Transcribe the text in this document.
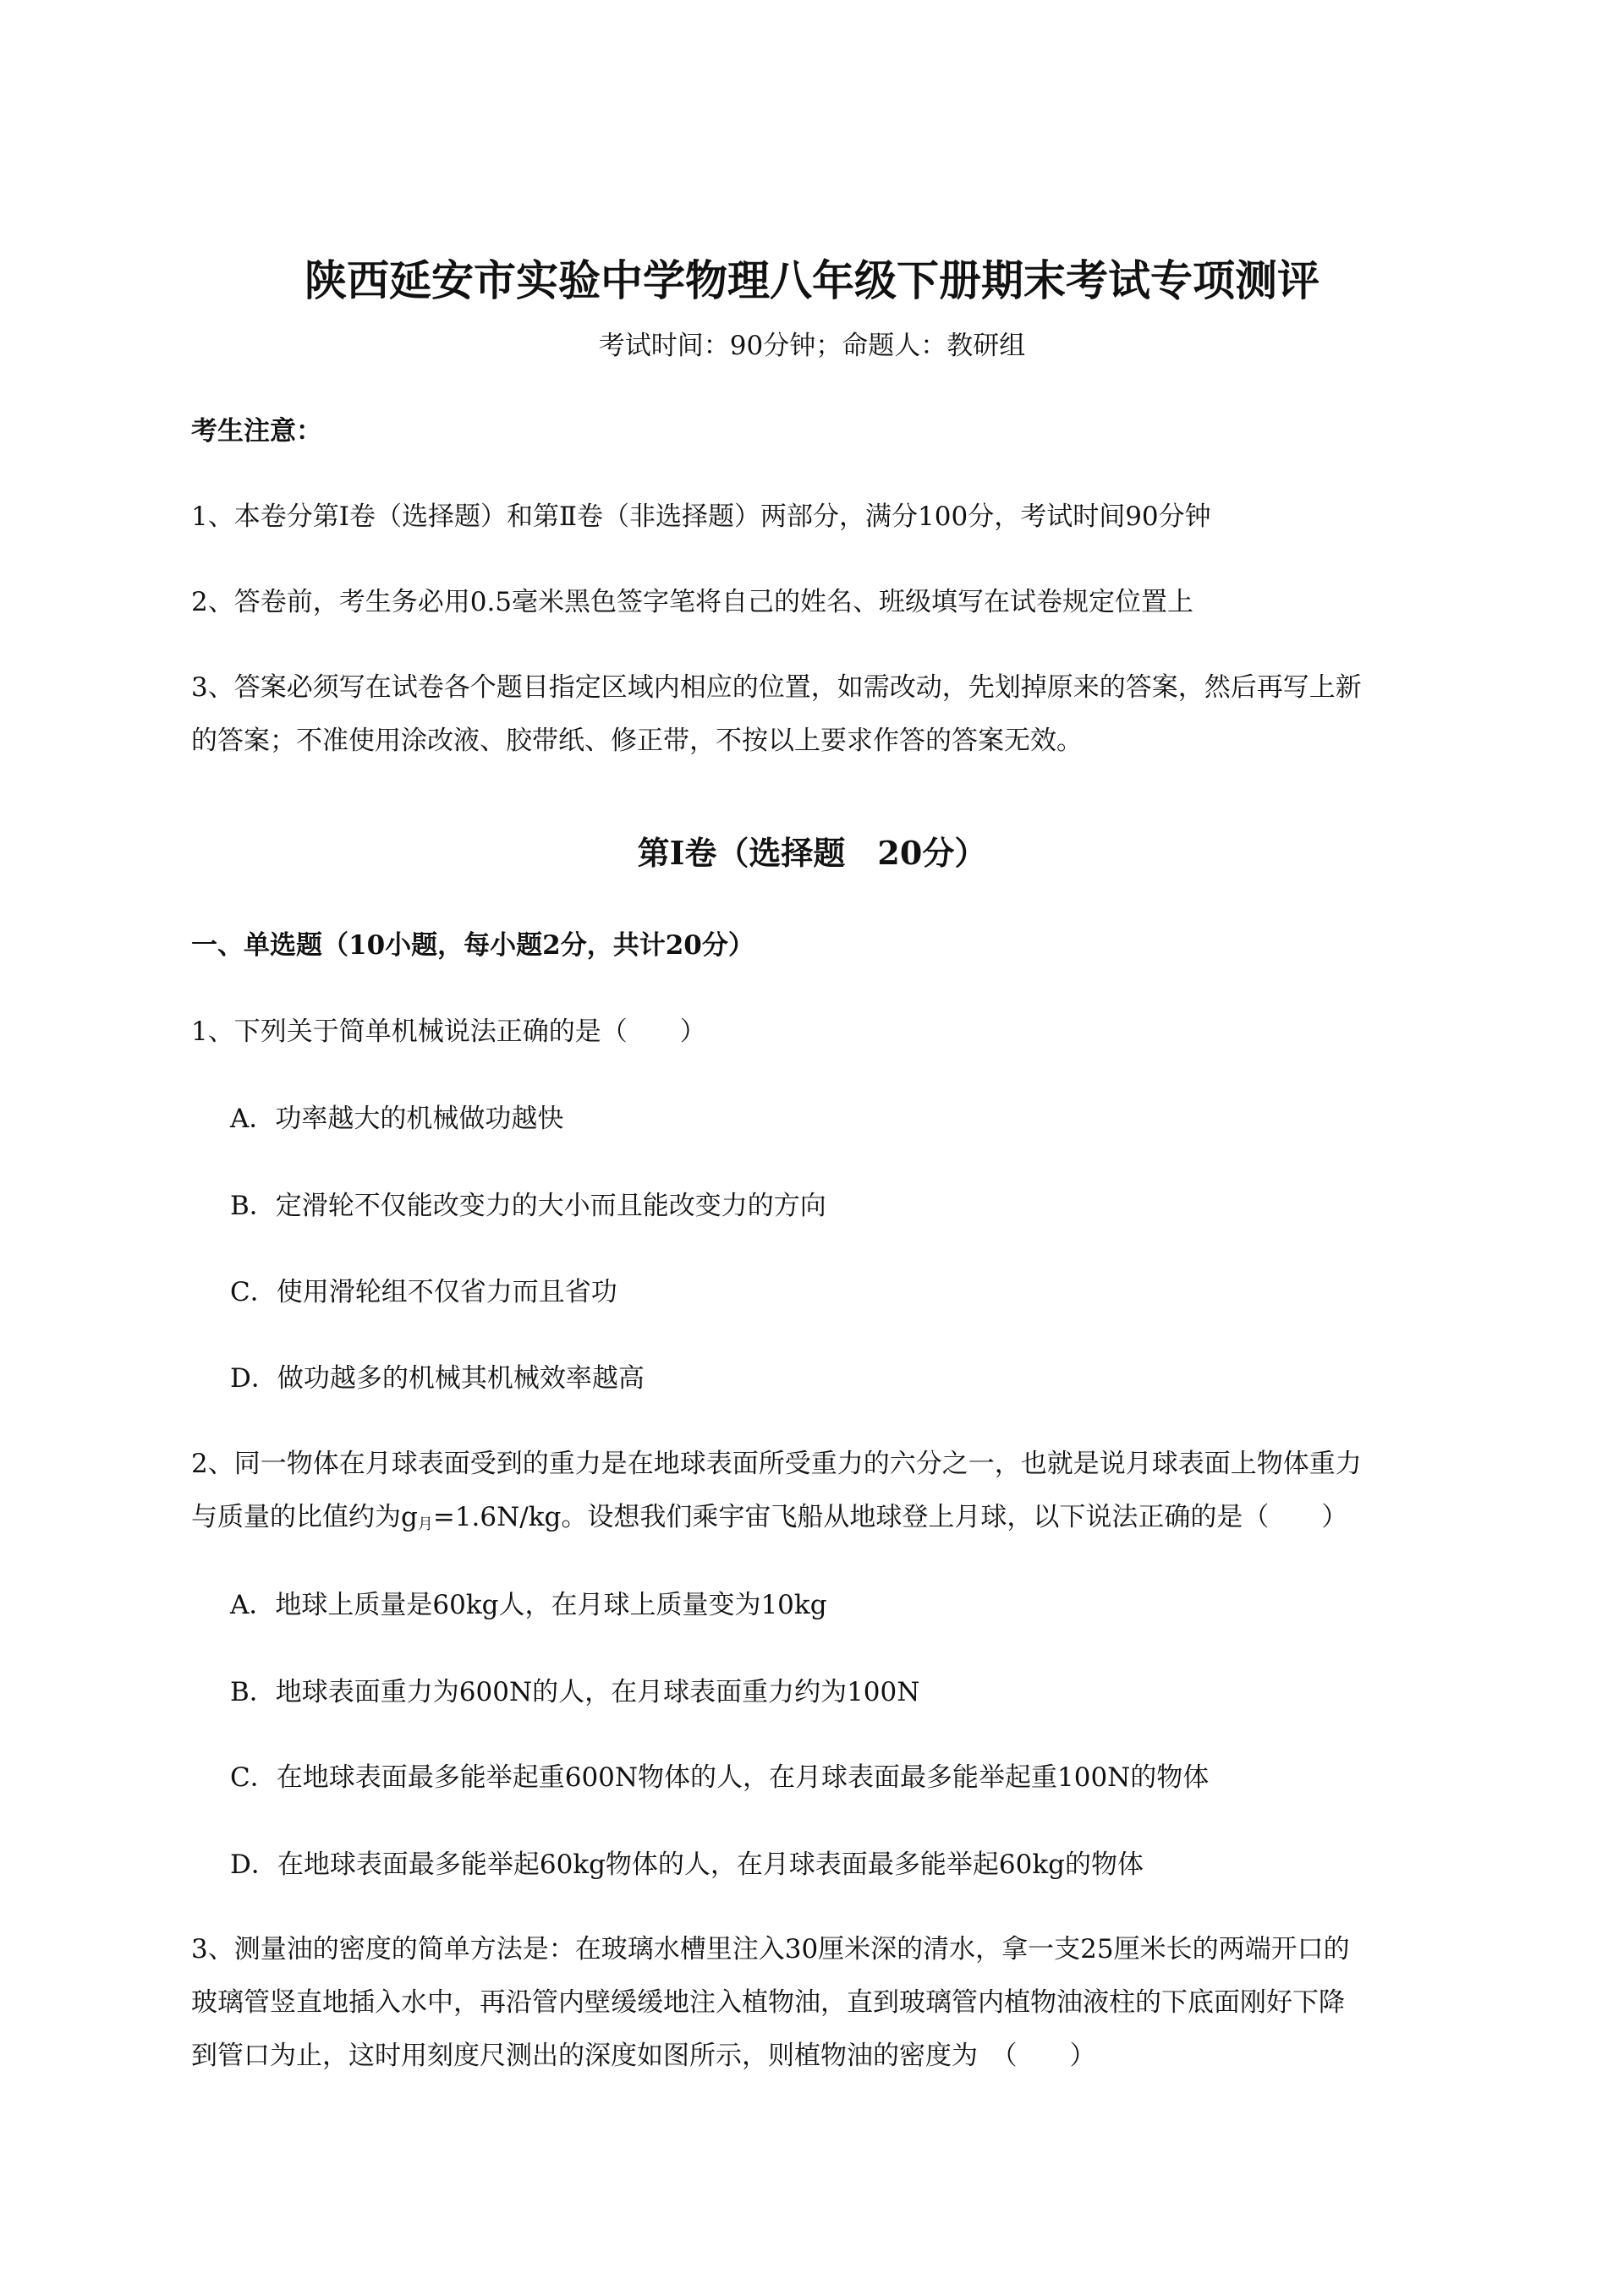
陕西延安市实验中学物理八年级下册期末考试专项测评
考试时间：90分钟；命题人：教研组
考生注意：
1、本卷分第Ⅰ卷（选择题）和第Ⅱ卷（非选择题）两部分，满分100分，考试时间90分钟
2、答卷前，考生务必用0.5毫米黑色签字笔将自己的姓名、班级填写在试卷规定位置上
3、答案必须写在试卷各个题目指定区域内相应的位置，如需改动，先划掉原来的答案，然后再写上新
的答案；不准使用涂改液、胶带纸、修正带，不按以上要求作答的答案无效。
第Ⅰ卷（选择题　20分）
一、单选题（10小题，每小题2分，共计20分）
1、下列关于简单机械说法正确的是（　　）
A．功率越大的机械做功越快
B．定滑轮不仅能改变力的大小而且能改变力的方向
C．使用滑轮组不仅省力而且省功
D．做功越多的机械其机械效率越高
2、同一物体在月球表面受到的重力是在地球表面所受重力的六分之一，也就是说月球表面上物体重力
与质量的比值约为$g_月=1.6N/kg$。设想我们乘宇宙飞船从地球登上月球，以下说法正确的是（　　）
A．地球上质量是60kg人，在月球上质量变为10kg
B．地球表面重力为600N的人，在月球表面重力约为100N
C．在地球表面最多能举起重600N物体的人，在月球表面最多能举起重100N的物体
D．在地球表面最多能举起60kg物体的人，在月球表面最多能举起60kg的物体
3、测量油的密度的简单方法是：在玻璃水槽里注入30厘米深的清水，拿一支25厘米长的两端开口的
玻璃管竖直地插入水中，再沿管内壁缓缓地注入植物油，直到玻璃管内植物油液柱的下底面刚好下降
到管口为止，这时用刻度尺测出的深度如图所示，则植物油的密度为　（　　）
